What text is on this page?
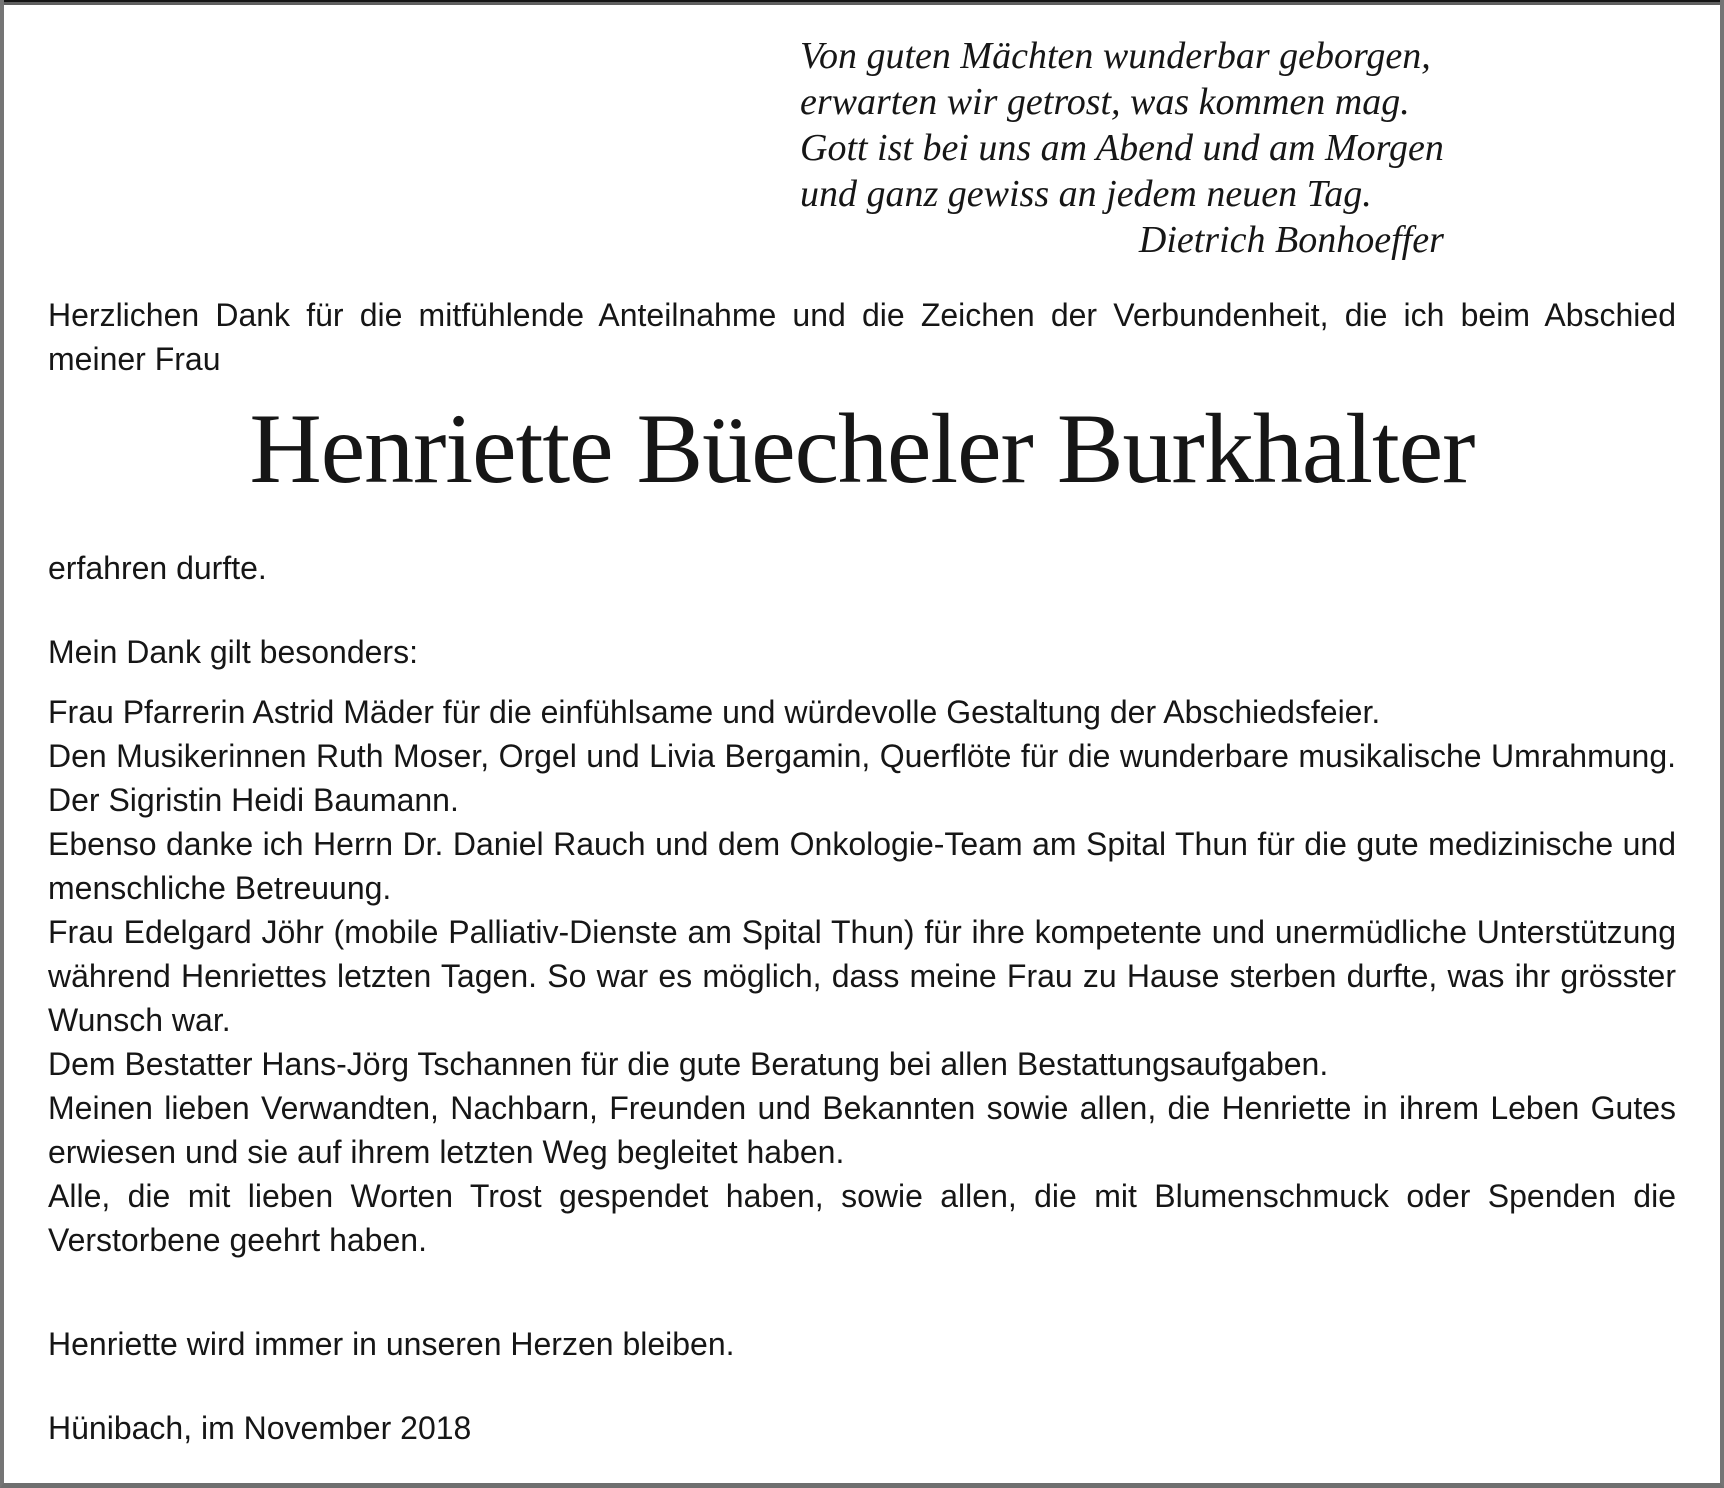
Von guten Mächten wunderbar geborgen,
erwarten wir getrost, was kommen mag.
Gott ist bei uns am Abend und am Morgen
und ganz gewiss an jedem neuen Tag.
Dietrich Bonhoeffer

Herzlichen Dank für die mitfühlende Anteilnahme und die Zeichen der Verbundenheit, die ich beim Abschied meiner Frau

Henriette Büecheler Burkhalter

erfahren durfte.

Mein Dank gilt besonders:

Frau Pfarrerin Astrid Mäder für die einfühlsame und würdevolle Gestaltung der Abschiedsfeier.

Den Musikerinnen Ruth Moser, Orgel und Livia Bergamin, Querflöte für die wunderbare musikalische Umrahmung. Der Sigristin Heidi Baumann.

Ebenso danke ich Herrn Dr. Daniel Rauch und dem Onkologie-Team am Spital Thun für die gute medizinische und menschliche Betreuung.

Frau Edelgard Jöhr (mobile Palliativ-Dienste am Spital Thun) für ihre kompetente und unermüdliche Unterstützung während Henriettes letzten Tagen. So war es möglich, dass meine Frau zu Hause sterben durfte, was ihr grösster Wunsch war.

Dem Bestatter Hans-Jörg Tschannen für die gute Beratung bei allen Bestattungsaufgaben.

Meinen lieben Verwandten, Nachbarn, Freunden und Bekannten sowie allen, die Henriette in ihrem Leben Gutes erwiesen und sie auf ihrem letzten Weg begleitet haben.

Alle, die mit lieben Worten Trost gespendet haben, sowie allen, die mit Blumenschmuck oder Spenden die Verstorbene geehrt haben.

Henriette wird immer in unseren Herzen bleiben.

Hünibach, im November 2018
